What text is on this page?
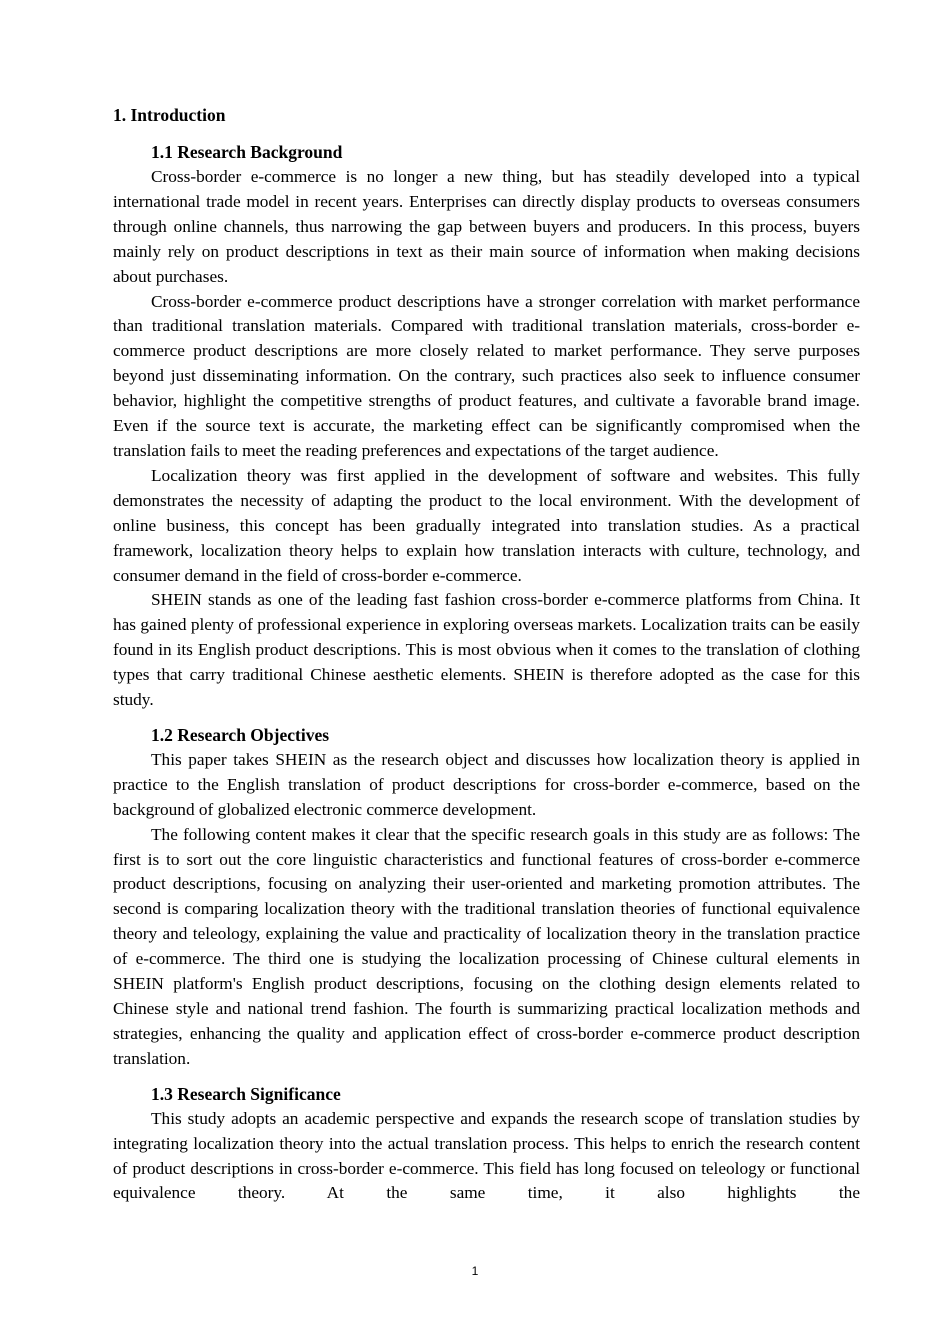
1. Introduction
1.1 Research Background

Cross-border e-commerce is no longer a new thing, but has steadily developed into a typical international trade model in recent years. Enterprises can directly display products to overseas consumers through online channels, thus narrowing the gap between buyers and producers. In this process, buyers mainly rely on product descriptions in text as their main source of information when making decisions about purchases.

Cross-border e-commerce product descriptions have a stronger correlation with market performance than traditional translation materials. Compared with traditional translation materials, cross-border e-commerce product descriptions are more closely related to market performance. They serve purposes beyond just disseminating information. On the contrary, such practices also seek to influence consumer behavior, highlight the competitive strengths of product features, and cultivate a favorable brand image. Even if the source text is accurate, the marketing effect can be significantly compromised when the translation fails to meet the reading preferences and expectations of the target audience.

Localization theory was first applied in the development of software and websites. This fully demonstrates the necessity of adapting the product to the local environment. With the development of online business, this concept has been gradually integrated into translation studies. As a practical framework, localization theory helps to explain how translation interacts with culture, technology, and consumer demand in the field of cross-border e-commerce.

SHEIN stands as one of the leading fast fashion cross-border e-commerce platforms from China. It has gained plenty of professional experience in exploring overseas markets. Localization traits can be easily found in its English product descriptions. This is most obvious when it comes to the translation of clothing types that carry traditional Chinese aesthetic elements. SHEIN is therefore adopted as the case for this study.

1.2 Research Objectives

This paper takes SHEIN as the research object and discusses how localization theory is applied in practice to the English translation of product descriptions for cross-border e-commerce, based on the background of globalized electronic commerce development.

The following content makes it clear that the specific research goals in this study are as follows: The first is to sort out the core linguistic characteristics and functional features of cross-border e-commerce product descriptions, focusing on analyzing their user-oriented and marketing promotion attributes. The second is comparing localization theory with the traditional translation theories of functional equivalence theory and teleology, explaining the value and practicality of localization theory in the translation practice of e-commerce. The third one is studying the localization processing of Chinese cultural elements in SHEIN platform's English product descriptions, focusing on the clothing design elements related to Chinese style and national trend fashion. The fourth is summarizing practical localization methods and strategies, enhancing the quality and application effect of cross-border e-commerce product description translation.

1.3 Research Significance

This study adopts an academic perspective and expands the research scope of translation studies by integrating localization theory into the actual translation process. This helps to enrich the research content of product descriptions in cross-border e-commerce. This field has long focused on teleology or functional equivalence theory. At the same time, it also highlights the

1
